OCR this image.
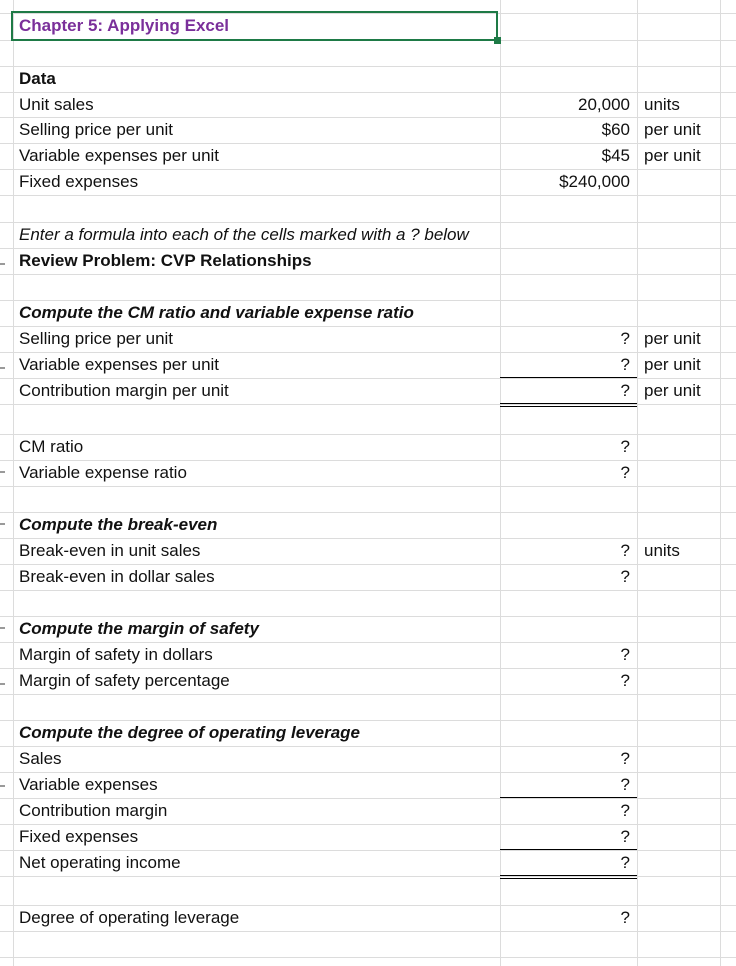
Chapter 5: Applying Excel
Data
Unit sales	20,000 units
Selling price per unit	$60 per unit
Variable expenses per unit	$45 per unit
Fixed expenses	$240,000
Enter a formula into each of the cells marked with a ? below
Review Problem: CVP Relationships
Compute the CM ratio and variable expense ratio
Selling price per unit	? per unit
Variable expenses per unit	? per unit
Contribution margin per unit	? per unit
CM ratio	?
Variable expense ratio	?
Compute the break-even
Break-even in unit sales	? units
Break-even in dollar sales	?
Compute the margin of safety
Margin of safety in dollars	?
Margin of safety percentage	?
Compute the degree of operating leverage
Sales	?
Variable expenses	?
Contribution margin	?
Fixed expenses	?
Net operating income	?
Degree of operating leverage	?
